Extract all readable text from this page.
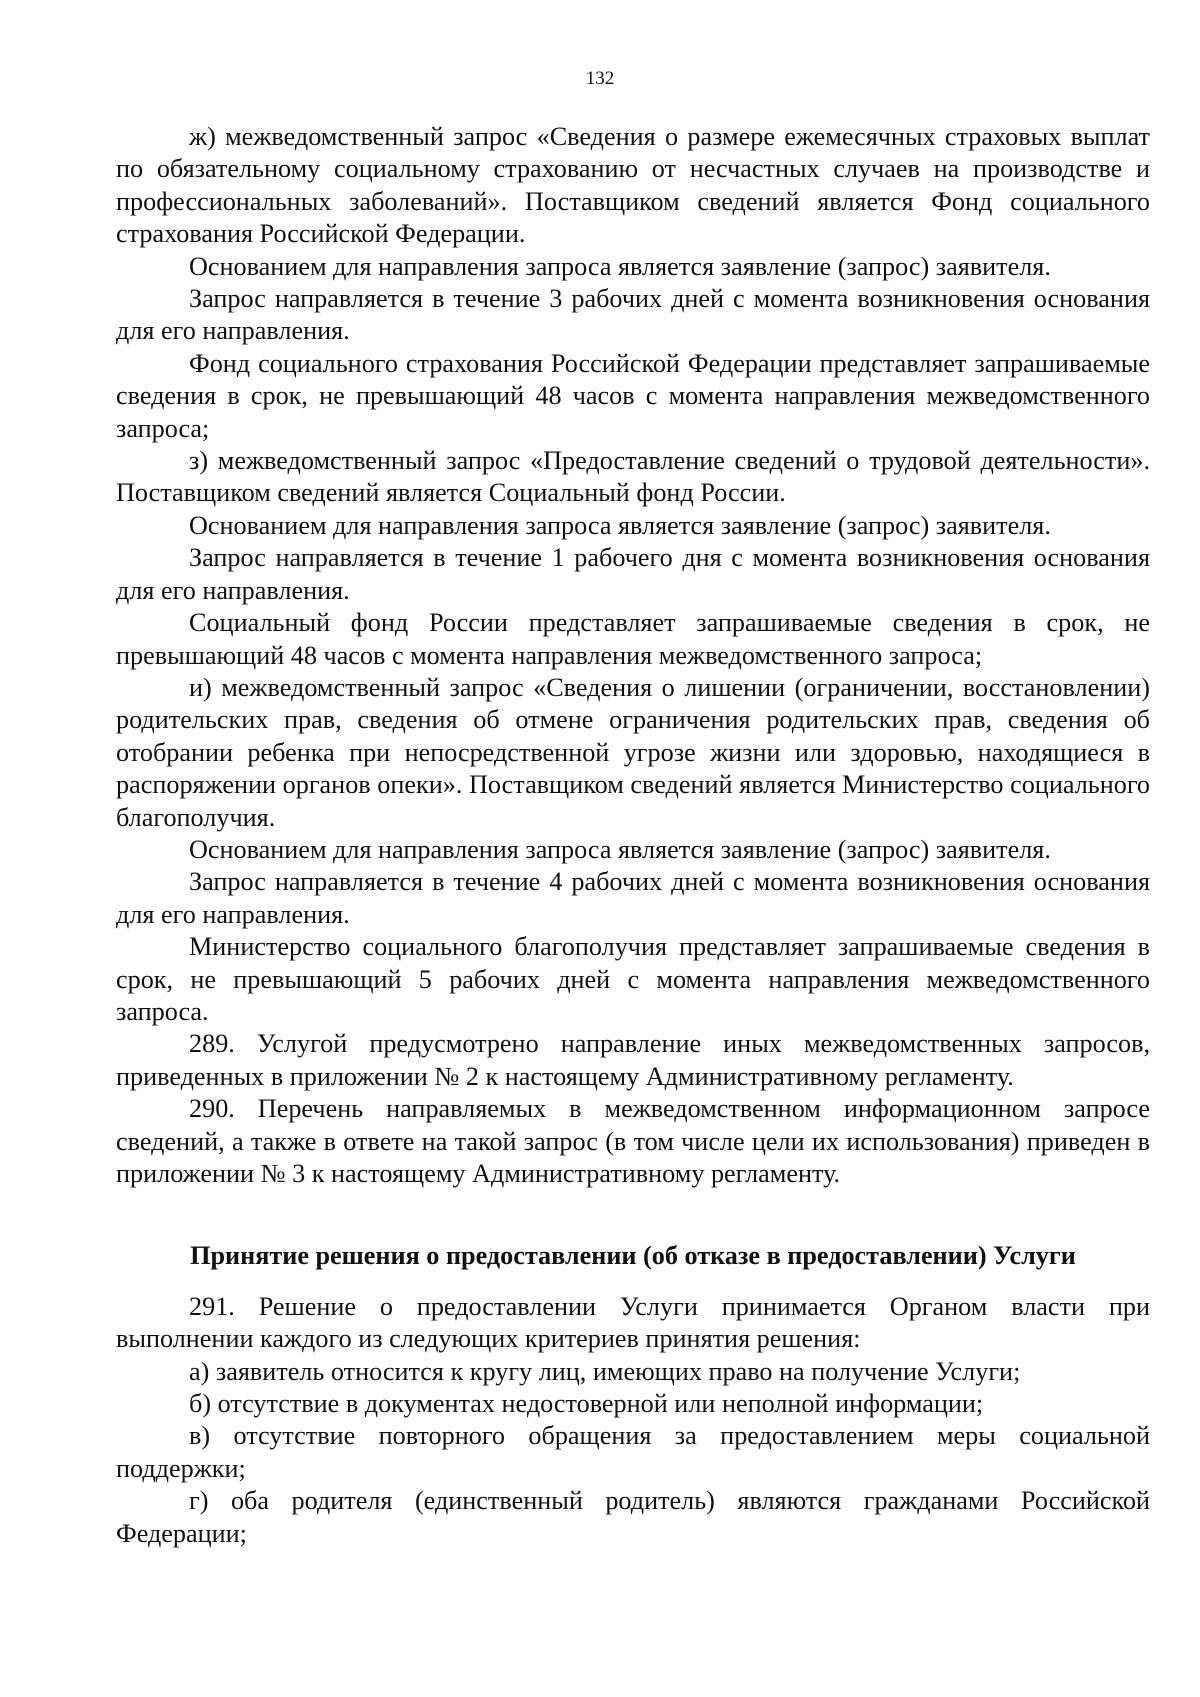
132

ж) межведомственный запрос «Сведения о размере ежемесячных страховых выплат по обязательному социальному страхованию от несчастных случаев на производстве и профессиональных заболеваний». Поставщиком сведений является Фонд социального страхования Российской Федерации.

Основанием для направления запроса является заявление (запрос) заявителя.

Запрос направляется в течение 3 рабочих дней с момента возникновения основания для его направления.

Фонд социального страхования Российской Федерации представляет запрашиваемые сведения в срок, не превышающий 48 часов с момента направления межведомственного запроса;

з) межведомственный запрос «Предоставление сведений о трудовой деятельности». Поставщиком сведений является Социальный фонд России.

Основанием для направления запроса является заявление (запрос) заявителя.

Запрос направляется в течение 1 рабочего дня с момента возникновения основания для его направления.

Социальный фонд России представляет запрашиваемые сведения в срок, не превышающий 48 часов с момента направления межведомственного запроса;

и) межведомственный запрос «Сведения о лишении (ограничении, восстановлении) родительских прав, сведения об отмене ограничения родительских прав, сведения об отобрании ребенка при непосредственной угрозе жизни или здоровью, находящиеся в распоряжении органов опеки». Поставщиком сведений является Министерство социального благополучия.

Основанием для направления запроса является заявление (запрос) заявителя.

Запрос направляется в течение 4 рабочих дней с момента возникновения основания для его направления.

Министерство социального благополучия представляет запрашиваемые сведения в срок, не превышающий 5 рабочих дней с момента направления межведомственного запроса.

289. Услугой предусмотрено направление иных межведомственных запросов, приведенных в приложении № 2 к настоящему Административному регламенту.

290. Перечень направляемых в межведомственном информационном запросе сведений, а также в ответе на такой запрос (в том числе цели их использования) приведен в приложении № 3 к настоящему Административному регламенту.

Принятие решения о предоставлении (об отказе в предоставлении) Услуги

291. Решение о предоставлении Услуги принимается Органом власти при выполнении каждого из следующих критериев принятия решения:

а) заявитель относится к кругу лиц, имеющих право на получение Услуги;

б) отсутствие в документах недостоверной или неполной информации;

в) отсутствие повторного обращения за предоставлением меры социальной поддержки;

г) оба родителя (единственный родитель) являются гражданами Российской Федерации;
